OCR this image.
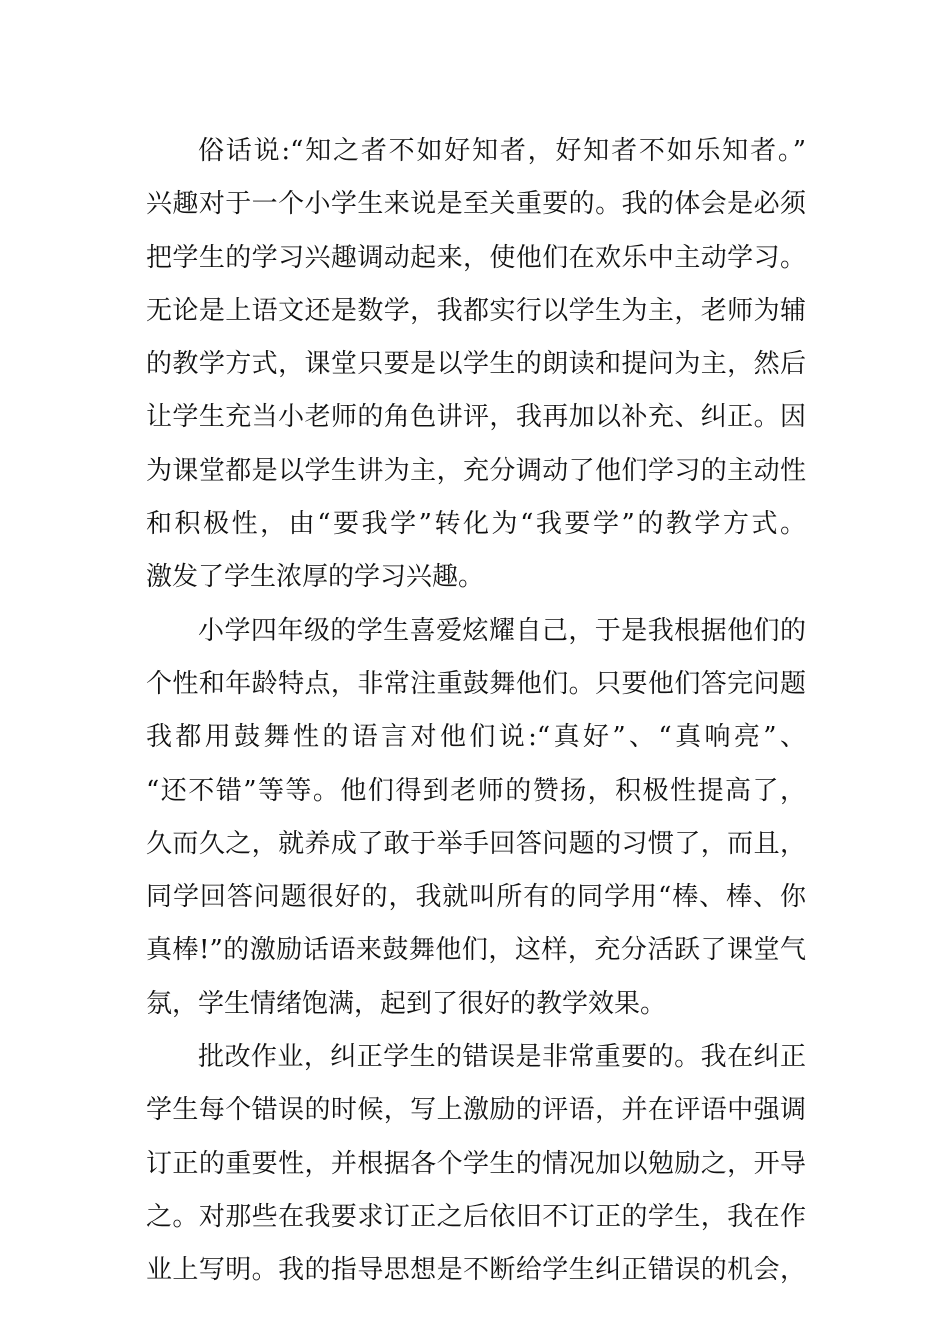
俗话说:“知之者不如好知者，好知者不如乐知者。”
兴趣对于一个小学生来说是至关重要的。我的体会是必须
把学生的学习兴趣调动起来，使他们在欢乐中主动学习。
无论是上语文还是数学，我都实行以学生为主，老师为辅
的教学方式，课堂只要是以学生的朗读和提问为主，然后
让学生充当小老师的角色讲评，我再加以补充、纠正。因
为课堂都是以学生讲为主，充分调动了他们学习的主动性
和积极性，由“要我学”转化为“我要学”的教学方式。
激发了学生浓厚的学习兴趣。
小学四年级的学生喜爱炫耀自己，于是我根据他们的
个性和年龄特点，非常注重鼓舞他们。只要他们答完问题
我都用鼓舞性的语言对他们说:“真好”、“真响亮”、
“还不错”等等。他们得到老师的赞扬，积极性提高了，
久而久之，就养成了敢于举手回答问题的习惯了，而且，
同学回答问题很好的，我就叫所有的同学用“棒、棒、你
真棒!”的激励话语来鼓舞他们，这样，充分活跃了课堂气
氛，学生情绪饱满，起到了很好的教学效果。
批改作业，纠正学生的错误是非常重要的。我在纠正
学生每个错误的时候，写上激励的评语，并在评语中强调
订正的重要性，并根据各个学生的情况加以勉励之，开导
之。对那些在我要求订正之后依旧不订正的学生，我在作
业上写明。我的指导思想是不断给学生纠正错误的机会，
